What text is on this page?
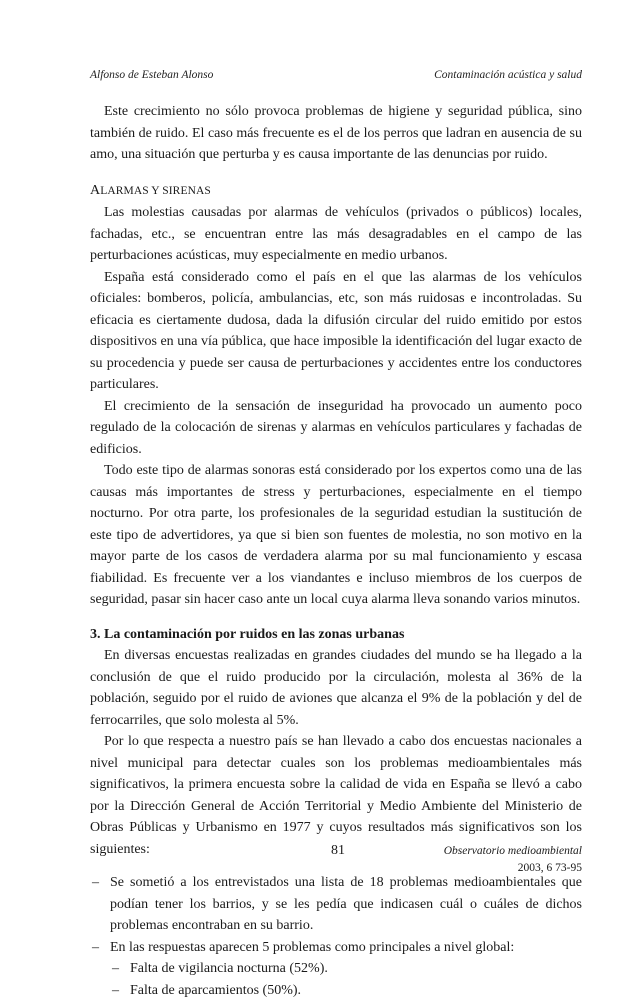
Alfonso de Esteban Alonso	Contaminación acústica y salud

Este crecimiento no sólo provoca problemas de higiene y seguridad pública, sino también de ruido. El caso más frecuente es el de los perros que ladran en ausencia de su amo, una situación que perturba y es causa importante de las denuncias por ruido.

ALARMAS Y SIRENAS

Las molestias causadas por alarmas de vehículos (privados o públicos) locales, fachadas, etc., se encuentran entre las más desagradables en el campo de las perturbaciones acústicas, muy especialmente en medio urbanos.

España está considerado como el país en el que las alarmas de los vehículos oficiales: bomberos, policía, ambulancias, etc, son más ruidosas e incontroladas. Su eficacia es ciertamente dudosa, dada la difusión circular del ruido emitido por estos dispositivos en una vía pública, que hace imposible la identificación del lugar exacto de su procedencia y puede ser causa de perturbaciones y accidentes entre los conductores particulares.

El crecimiento de la sensación de inseguridad ha provocado un aumento poco regulado de la colocación de sirenas y alarmas en vehículos particulares y fachadas de edificios.

Todo este tipo de alarmas sonoras está considerado por los expertos como una de las causas más importantes de stress y perturbaciones, especialmente en el tiempo nocturno. Por otra parte, los profesionales de la seguridad estudian la sustitución de este tipo de advertidores, ya que si bien son fuentes de molestia, no son motivo en la mayor parte de los casos de verdadera alarma por su mal funcionamiento y escasa fiabilidad. Es frecuente ver a los viandantes e incluso miembros de los cuerpos de seguridad, pasar sin hacer caso ante un local cuya alarma lleva sonando varios minutos.

3. La contaminación por ruidos en las zonas urbanas

En diversas encuestas realizadas en grandes ciudades del mundo se ha llegado a la conclusión de que el ruido producido por la circulación, molesta al 36% de la población, seguido por el ruido de aviones que alcanza el 9% de la población y del de ferrocarriles, que solo molesta al 5%.

Por lo que respecta a nuestro país se han llevado a cabo dos encuestas nacionales a nivel municipal para detectar cuales son los problemas medioambientales más significativos, la primera encuesta sobre la calidad de vida en España se llevó a cabo por la Dirección General de Acción Territorial y Medio Ambiente del Ministerio de Obras Públicas y Urbanismo en 1977 y cuyos resultados más significativos son los siguientes:

– Se sometió a los entrevistados una lista de 18 problemas medioambientales que podían tener los barrios, y se les pedía que indicasen cuál o cuáles de dichos problemas encontraban en su barrio.
– En las respuestas aparecen 5 problemas como principales a nivel global:
– Falta de vigilancia nocturna (52%).
– Falta de aparcamientos (50%).
81	Observatorio medioambiental
2003, 6 73-95
